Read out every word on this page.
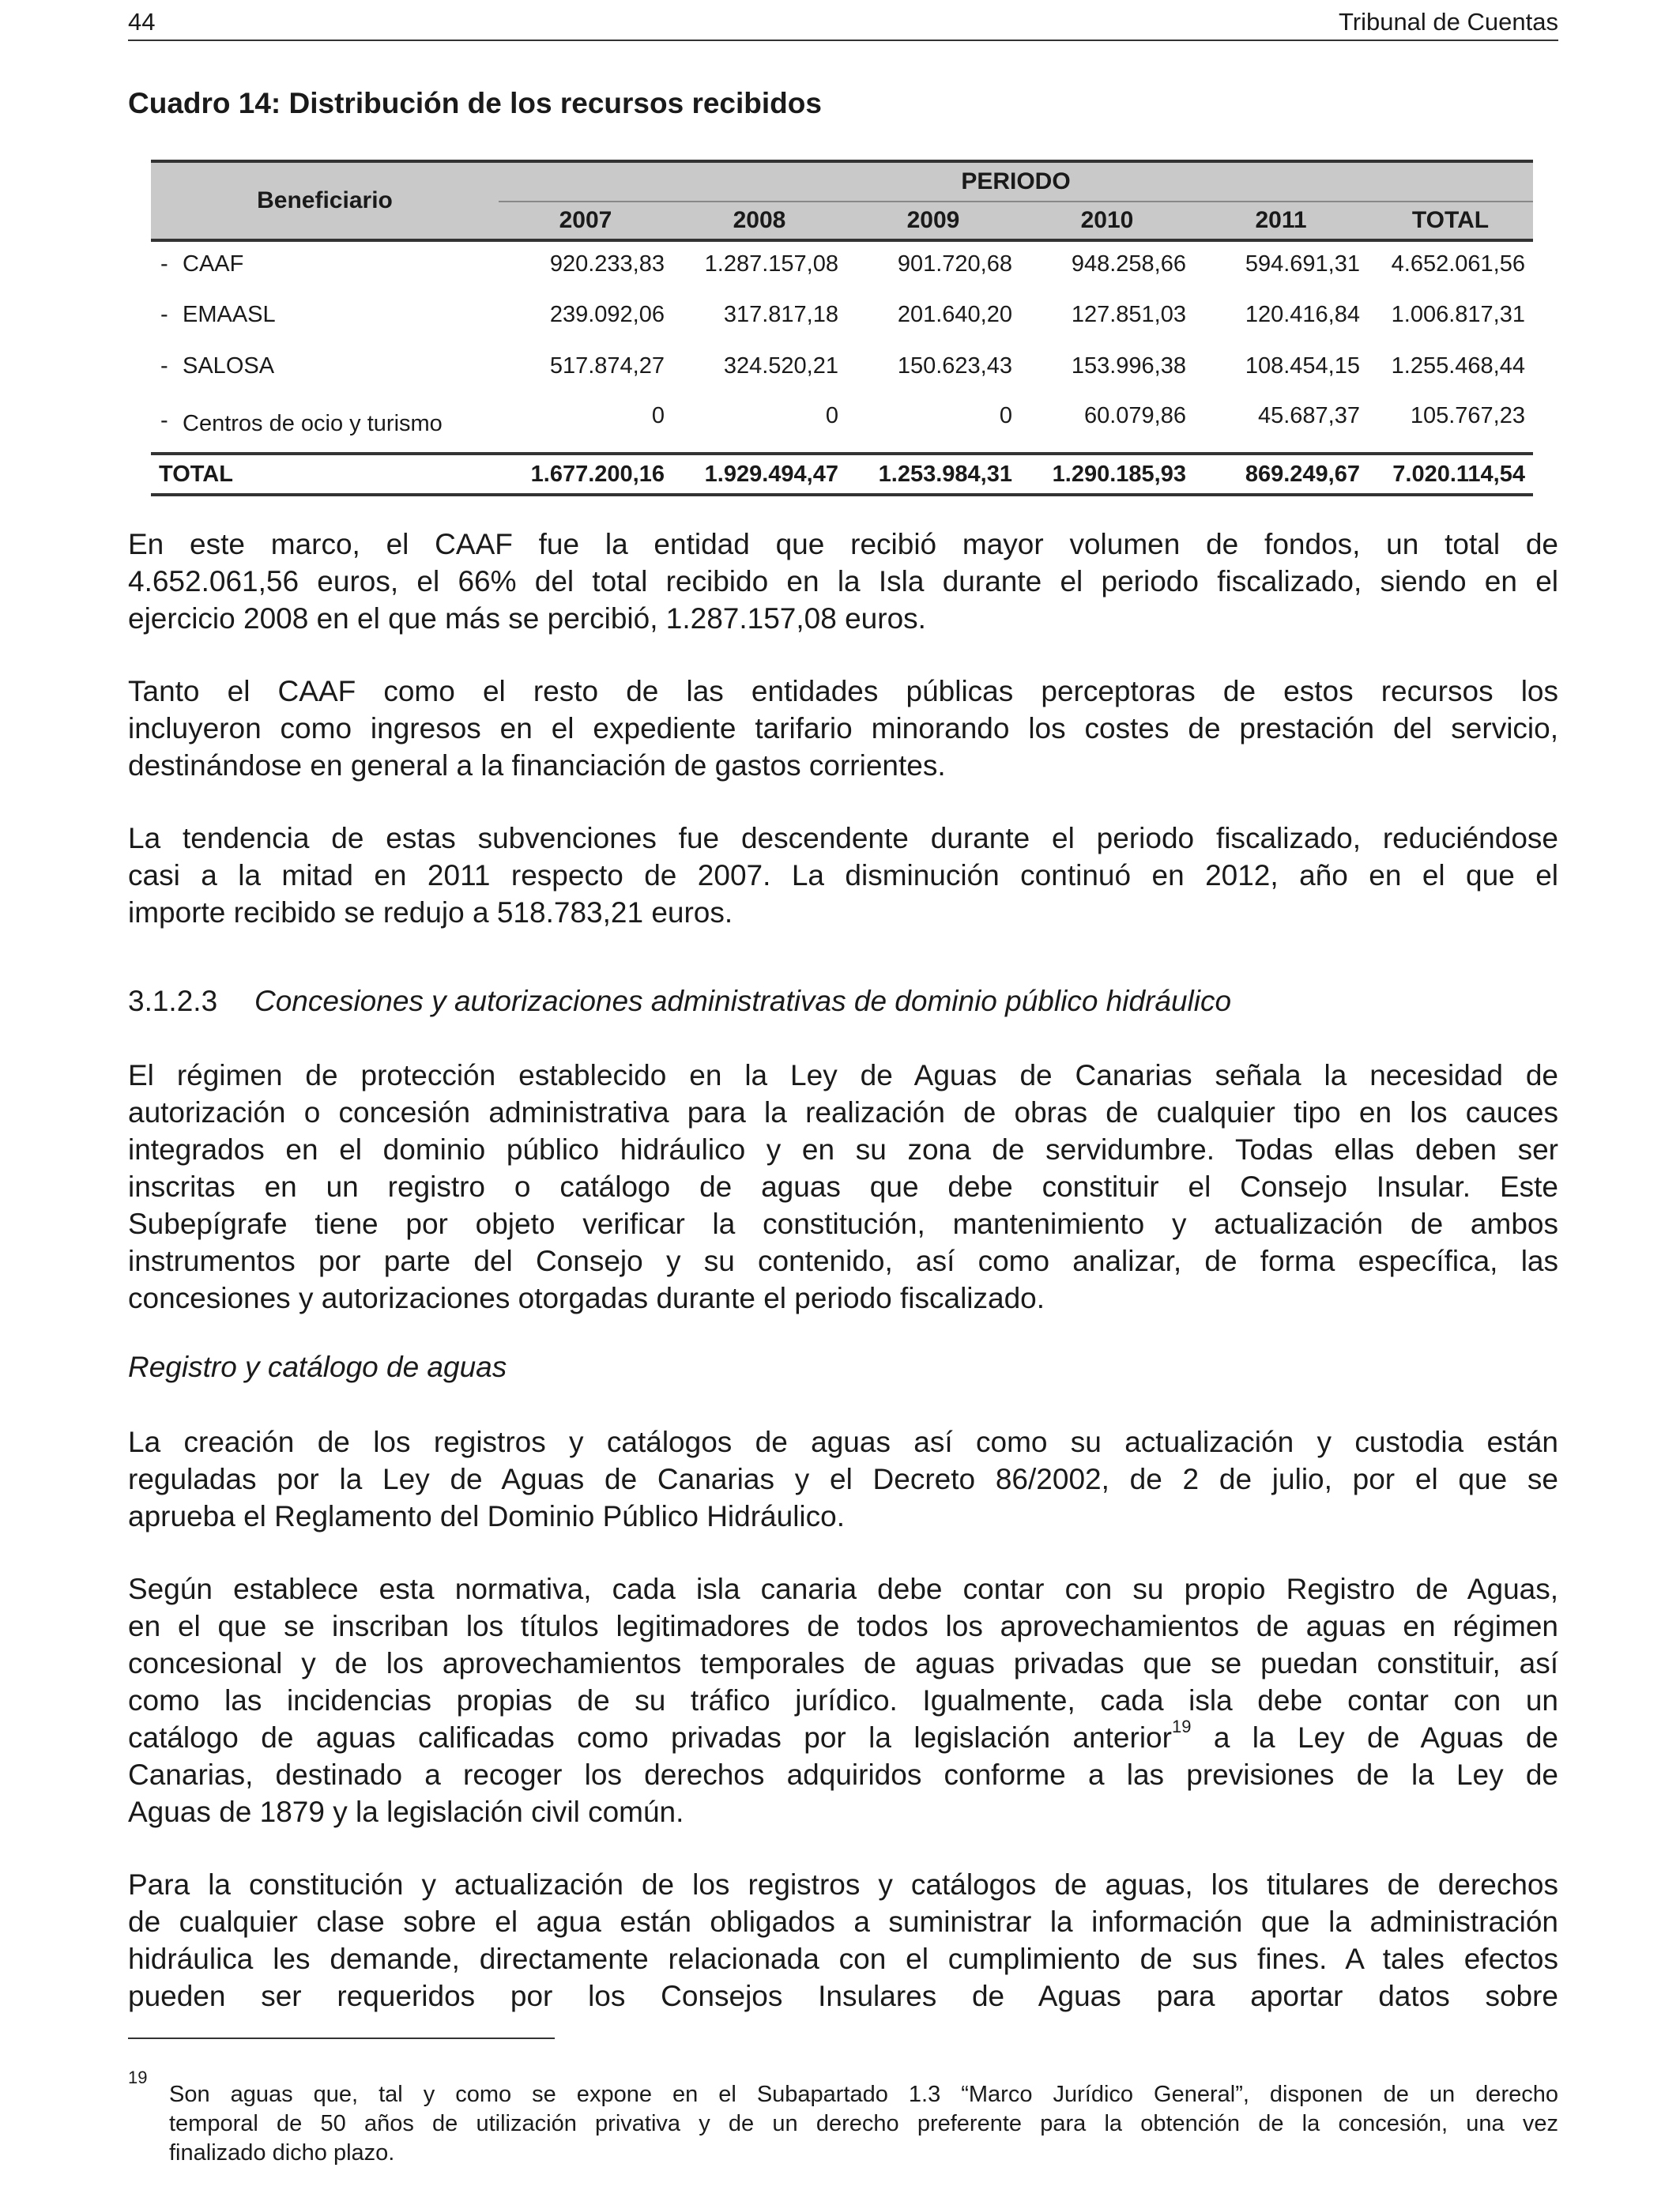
44	Tribunal de Cuentas
Cuadro 14: Distribución de los recursos recibidos
Beneficiario
PERIODO
2007	2008	2009	2010	2011	TOTAL
- CAAF	920.233,83	1.287.157,08	901.720,68	948.258,66	594.691,31	4.652.061,56
- EMAASL	239.092,06	317.817,18	201.640,20	127.851,03	120.416,84	1.006.817,31
- SALOSA	517.874,27	324.520,21	150.623,43	153.996,38	108.454,15	1.255.468,44
- Centros de ocio y turismo	0	0	0	60.079,86	45.687,37	105.767,23
TOTAL	1.677.200,16	1.929.494,47	1.253.984,31	1.290.185,93	869.249,67	7.020.114,54
En este marco, el CAAF fue la entidad que recibió mayor volumen de fondos, un total de
4.652.061,56 euros, el 66% del total recibido en la Isla durante el periodo fiscalizado, siendo en el
ejercicio 2008 en el que más se percibió, 1.287.157,08 euros.
Tanto el CAAF como el resto de las entidades públicas perceptoras de estos recursos los
incluyeron como ingresos en el expediente tarifario minorando los costes de prestación del servicio,
destinándose en general a la financiación de gastos corrientes.
La tendencia de estas subvenciones fue descendente durante el periodo fiscalizado, reduciéndose
casi a la mitad en 2011 respecto de 2007. La disminución continuó en 2012, año en el que el
importe recibido se redujo a 518.783,21 euros.
3.1.2.3 Concesiones y autorizaciones administrativas de dominio público hidráulico
El régimen de protección establecido en la Ley de Aguas de Canarias señala la necesidad de
autorización o concesión administrativa para la realización de obras de cualquier tipo en los cauces
integrados en el dominio público hidráulico y en su zona de servidumbre. Todas ellas deben ser
inscritas en un registro o catálogo de aguas que debe constituir el Consejo Insular. Este
Subepígrafe tiene por objeto verificar la constitución, mantenimiento y actualización de ambos
instrumentos por parte del Consejo y su contenido, así como analizar, de forma específica, las
concesiones y autorizaciones otorgadas durante el periodo fiscalizado.
Registro y catálogo de aguas
La creación de los registros y catálogos de aguas así como su actualización y custodia están
reguladas por la Ley de Aguas de Canarias y el Decreto 86/2002, de 2 de julio, por el que se
aprueba el Reglamento del Dominio Público Hidráulico.
Según establece esta normativa, cada isla canaria debe contar con su propio Registro de Aguas,
en el que se inscriban los títulos legitimadores de todos los aprovechamientos de aguas en régimen
concesional y de los aprovechamientos temporales de aguas privadas que se puedan constituir, así
como las incidencias propias de su tráfico jurídico. Igualmente, cada isla debe contar con un
catálogo de aguas calificadas como privadas por la legislación anterior$^{19}$ a la Ley de Aguas de
Canarias, destinado a recoger los derechos adquiridos conforme a las previsiones de la Ley de
Aguas de 1879 y la legislación civil común.
Para la constitución y actualización de los registros y catálogos de aguas, los titulares de derechos
de cualquier clase sobre el agua están obligados a suministrar la información que la administración
hidráulica les demande, directamente relacionada con el cumplimiento de sus fines. A tales efectos
pueden ser requeridos por los Consejos Insulares de Aguas para aportar datos sobre
19
Son aguas que, tal y como se expone en el Subapartado 1.3 “Marco Jurídico General”, disponen de un derecho
temporal de 50 años de utilización privativa y de un derecho preferente para la obtención de la concesión, una vez
finalizado dicho plazo.
